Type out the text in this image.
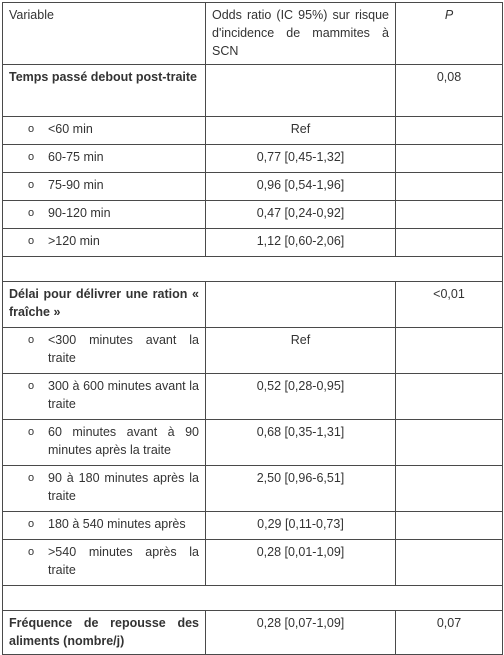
Variable	Odds ratio (IC 95%) sur risque d'incidence de mammites à SCN	P
Temps passé debout post-traite		0,08

o <60 min	Ref	

o 60-75 min	0,77 [0,45-1,32]	

o 75-90 min	0,96 [0,54-1,96]	

o 90-120 min	0,47 [0,24-0,92]	

o >120 min	1,12 [0,60-2,06]	

Délai pour délivrer une ration « fraîche »		<0,01

o <300 minutes avant la traite	Ref	

o 300 à 600 minutes avant la traite	0,52 [0,28-0,95]	

o 60 minutes avant à 90 minutes après la traite	0,68 [0,35-1,31]	

o 90 à 180 minutes après la traite	2,50 [0,96-6,51]	

o 180 à 540 minutes après	0,29 [0,11-0,73]	

o >540 minutes après la traite	0,28 [0,01-1,09]	

Fréquence de repousse des aliments (nombre/j)	0,28 [0,07-1,09]	0,07
